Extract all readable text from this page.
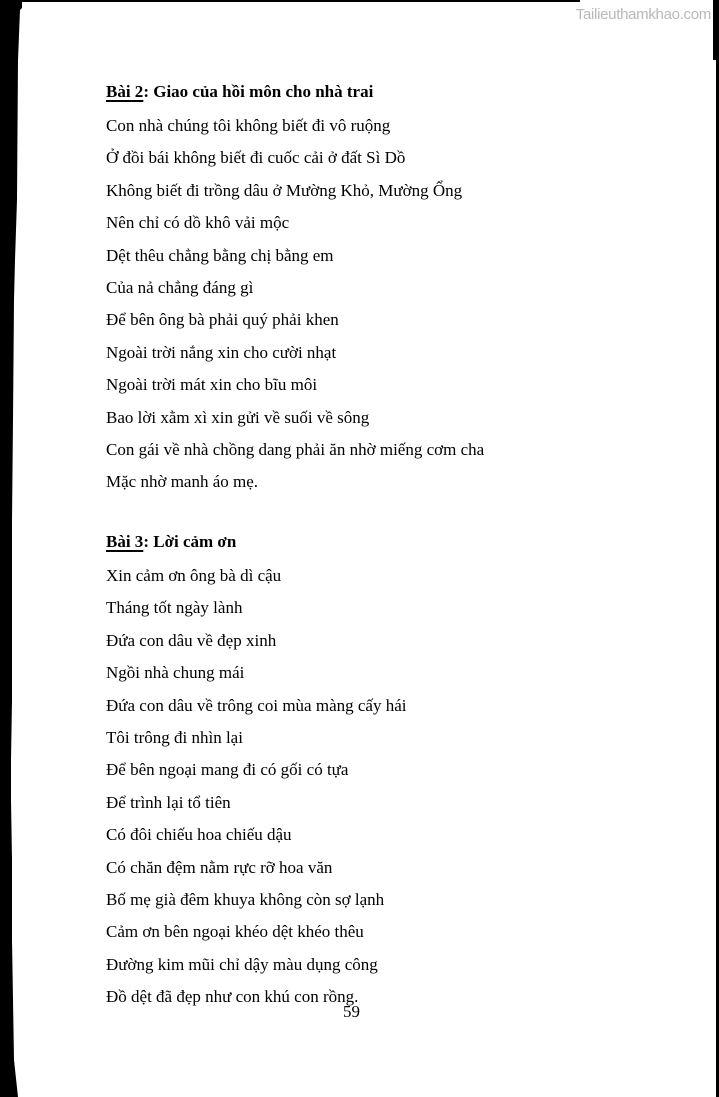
Tailieuthamkhao.com
Bài 2: Giao của hồi môn cho nhà trai
Con nhà chúng tôi không biết đi vô ruộng
Ở đồi bái không biết đi cuốc cải ở đất Sì Dồ
Không biết đi trồng dâu ở Mường Khỏ, Mường Ổng
Nên chỉ có dồ khô vải mộc
Dệt thêu chẳng bằng chị bằng em
Của nả chẳng đáng gì
Để bên ông bà phải quý phải khen
Ngoài trời nắng xin cho cười nhạt
Ngoài trời mát xin cho bĩu môi
Bao lời xằm xì xin gửi về suối về sông
Con gái về nhà chồng dang phải ăn nhờ miếng cơm cha
Mặc nhờ manh áo mẹ.
Bài 3: Lời cảm ơn
Xin cảm ơn ông bà dì cậu
Tháng tốt ngày lành
Đứa con dâu về đẹp xinh
Ngồi nhà chung mái
Đứa con dâu về trông coi mùa màng cấy hái
Tôi trông đi nhìn lại
Để bên ngoại mang đi có gối có tựa
Để trình lại tổ tiên
Có đôi chiếu hoa chiếu dậu
Có chăn đệm nằm rực rỡ hoa văn
Bố mẹ già đêm khuya không còn sợ lạnh
Cảm ơn bên ngoại khéo dệt khéo thêu
Đường kim mũi chỉ dậy màu dụng công
Đồ dệt đã đẹp như con khú con rồng.
59
